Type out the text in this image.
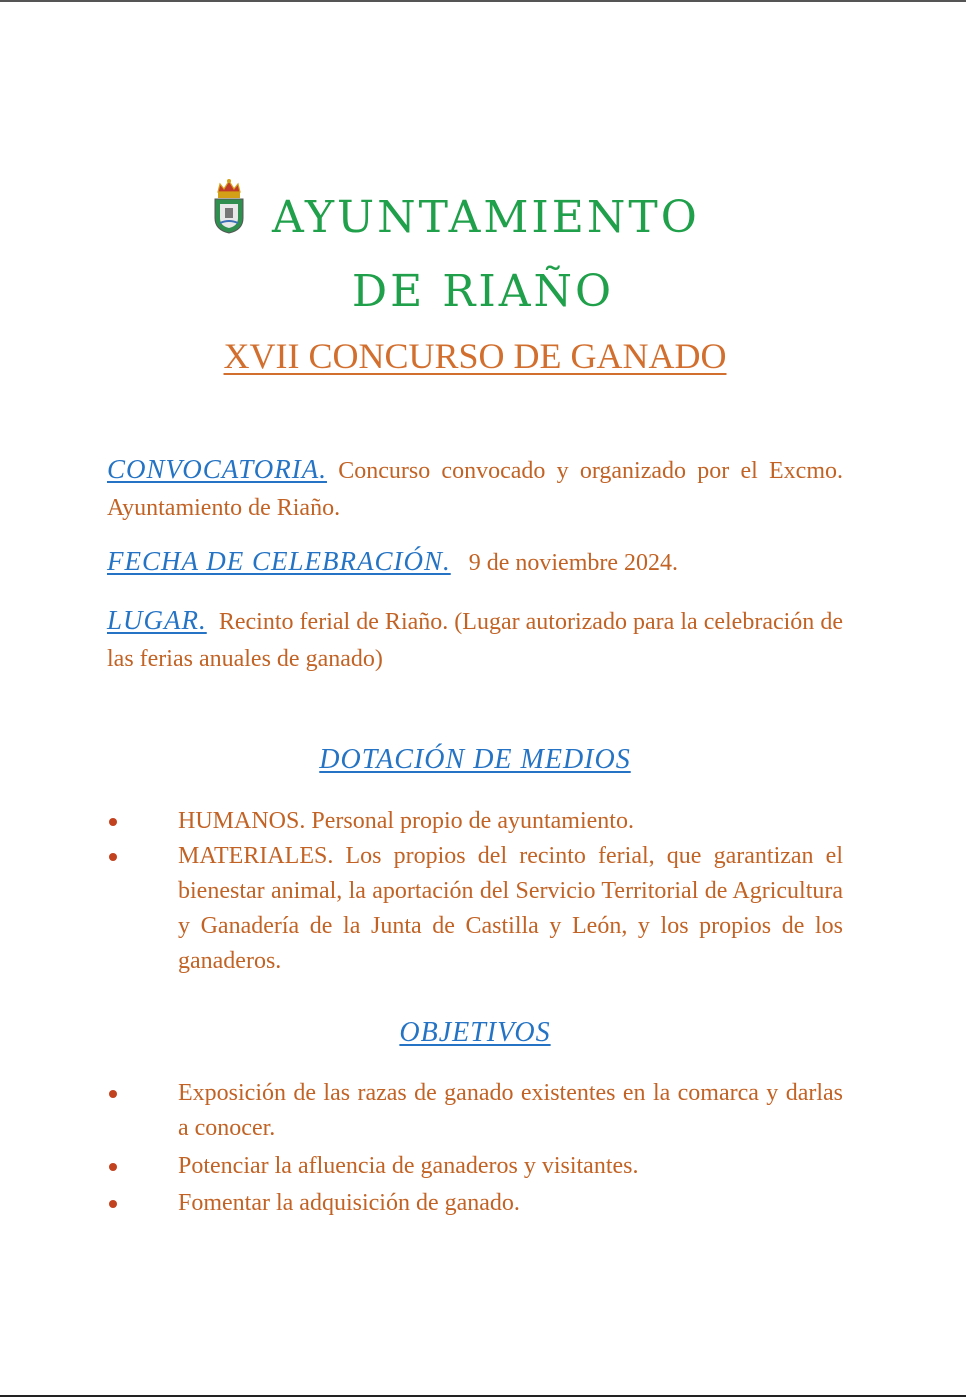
AYUNTAMIENTO
DE RIAÑO
XVII CONCURSO DE GANADO
CONVOCATORIA. Concurso convocado y organizado por el Excmo. Ayuntamiento de Riaño.
FECHA DE CELEBRACIÓN. 9 de noviembre 2024.
LUGAR. Recinto ferial de Riaño. (Lugar autorizado para la celebración de las ferias anuales de ganado)
DOTACIÓN DE MEDIOS
HUMANOS. Personal propio de ayuntamiento.
MATERIALES. Los propios del recinto ferial, que garantizan el bienestar animal, la aportación del Servicio Territorial de Agricultura y Ganadería de la Junta de Castilla y León, y los propios de los ganaderos.
OBJETIVOS
Exposición de las razas de ganado existentes en la comarca y darlas a conocer.
Potenciar la afluencia de ganaderos y visitantes.
Fomentar la adquisición de ganado.
